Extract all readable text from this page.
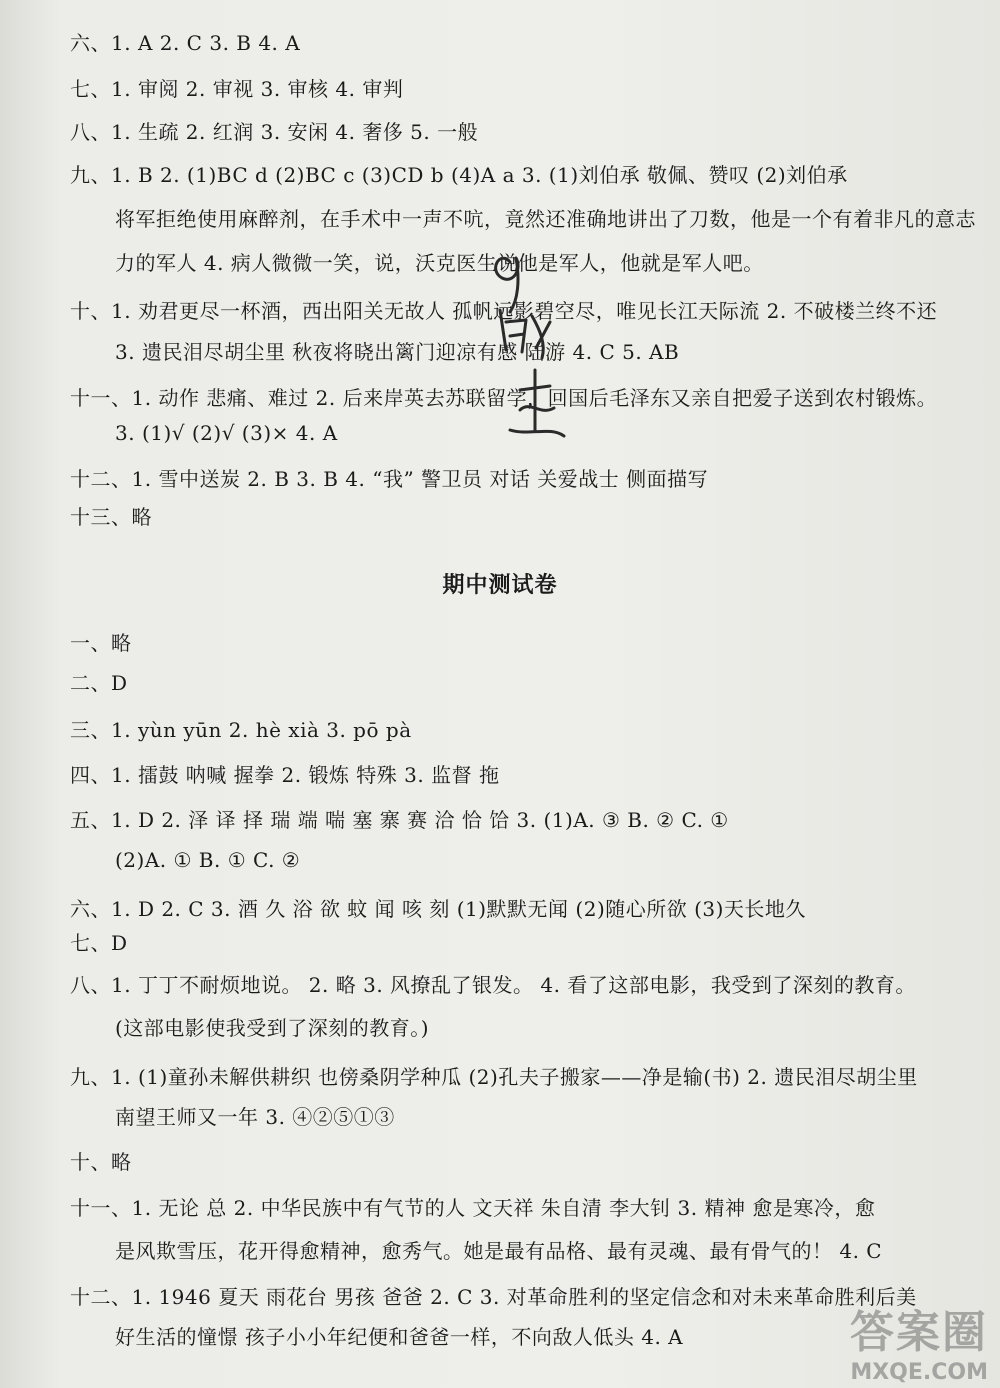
六、1. A 2. C 3. B 4. A
七、1. 审阅 2. 审视 3. 审核 4. 审判
八、1. 生疏 2. 红润 3. 安闲 4. 奢侈 5. 一般
九、1. B 2. (1)BC d (2)BC c (3)CD b (4)A a 3. (1)刘伯承 敬佩、赞叹 (2)刘伯承
将军拒绝使用麻醉剂，在手术中一声不吭，竟然还准确地讲出了刀数，他是一个有着非凡的意志
力的军人 4. 病人微微一笑，说，沃克医生说他是军人，他就是军人吧。
十、1. 劝君更尽一杯酒，西出阳关无故人 孤帆远影碧空尽，唯见长江天际流 2. 不破楼兰终不还
3. 遗民泪尽胡尘里 秋夜将晓出篱门迎凉有感 陆游 4. C 5. AB
十一、1. 动作 悲痛、难过 2. 后来岸英去苏联留学，回国后毛泽东又亲自把爱子送到农村锻炼。
3. (1)√ (2)√ (3)× 4. A
十二、1. 雪中送炭 2. B 3. B 4. “我” 警卫员 对话 关爱战士 侧面描写
十三、略
期中测试卷
一、略
二、D
三、1. yùn yūn 2. hè xià 3. pō pà
四、1. 擂鼓 呐喊 握拳 2. 锻炼 特殊 3. 监督 拖
五、1. D 2. 泽 译 择 瑞 端 喘 塞 寨 赛 洽 恰 饸 3. (1)A. ③ B. ② C. ①
(2)A. ① B. ① C. ②
六、1. D 2. C 3. 酒 久 浴 欲 蚊 闻 咳 刻 (1)默默无闻 (2)随心所欲 (3)天长地久
七、D
八、1. 丁丁不耐烦地说。 2. 略 3. 风撩乱了银发。 4. 看了这部电影，我受到了深刻的教育。
(这部电影使我受到了深刻的教育。)
九、1. (1)童孙未解供耕织 也傍桑阴学种瓜 (2)孔夫子搬家——净是输(书) 2. 遗民泪尽胡尘里
南望王师又一年 3. ④②⑤①③
十、略
十一、1. 无论 总 2. 中华民族中有气节的人 文天祥 朱自清 李大钊 3. 精神 愈是寒冷，愈
是风欺雪压，花开得愈精神，愈秀气。她是最有品格、最有灵魂、最有骨气的！ 4. C
十二、1. 1946 夏天 雨花台 男孩 爸爸 2. C 3. 对革命胜利的坚定信念和对未来革命胜利后美
好生活的憧憬 孩子小小年纪便和爸爸一样，不向敌人低头 4. A	答案圈
MXQE.COM
